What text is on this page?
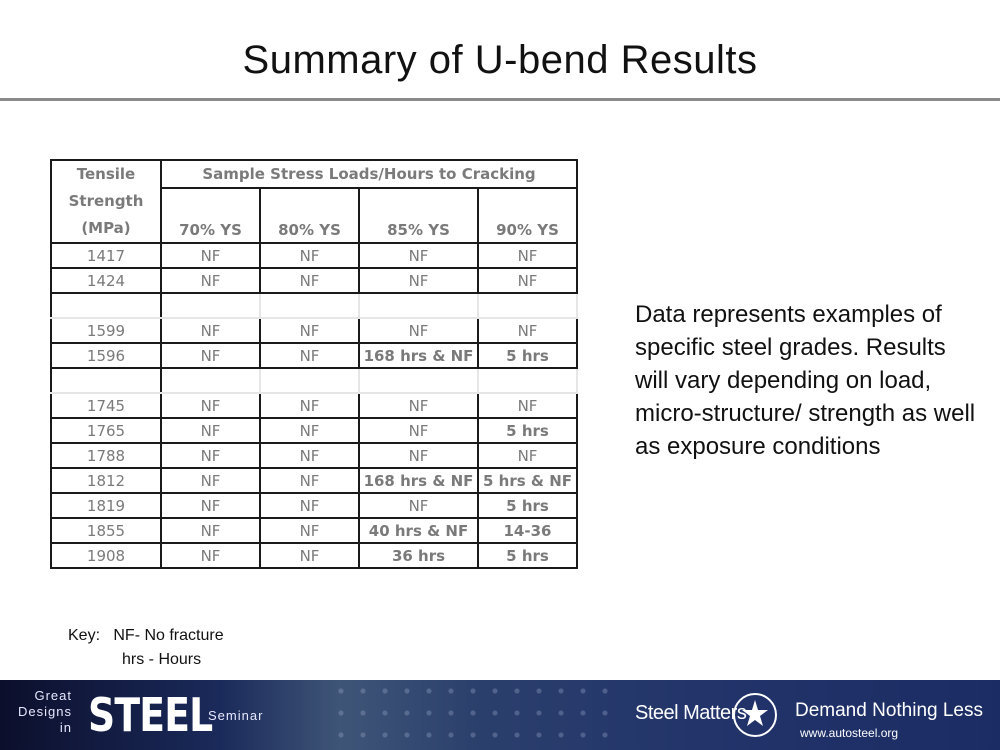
Summary of U-bend Results
Tensile
Strength
(MPa)	Sample Stress Loads/Hours to Cracking			
	70% YS	80% YS	85% YS	90% YS
1417	NF	NF	NF	NF
1424	NF	NF	NF	NF

1599	NF	NF	NF	NF
1596	NF	NF	168 hrs & NF	5 hrs

1745	NF	NF	NF	NF
1765	NF	NF	NF	5 hrs
1788	NF	NF	NF	NF
1812	NF	NF	168 hrs & NF	5 hrs & NF
1819	NF	NF	NF	5 hrs
1855	NF	NF	40 hrs & NF	14-36
1908	NF	NF	36 hrs	5 hrs
Data represents examples of specific steel grades. Results will vary depending on load, micro-structure/ strength as well as exposure conditions
Key: NF- No fracture
hrs - Hours
Great
Designs
in STEEL
Seminar	Steel Matters	Demand Nothing Less
www.autosteel.org
